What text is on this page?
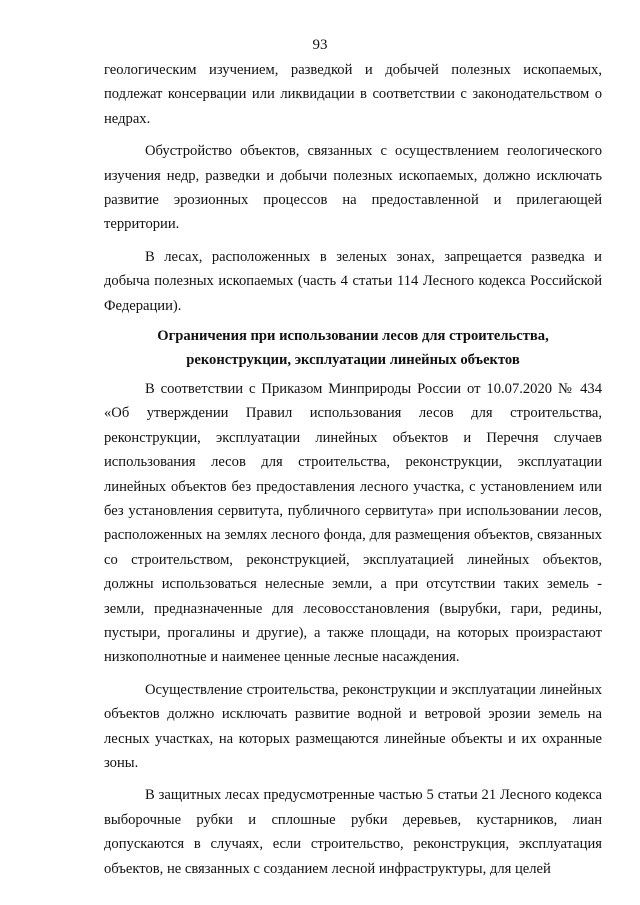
93

геологическим изучением, разведкой и добычей полезных ископаемых, подлежат консервации или ликвидации в соответствии с законодательством о недрах.

Обустройство объектов, связанных с осуществлением геологического изучения недр, разведки и добычи полезных ископаемых, должно исключать развитие эрозионных процессов на предоставленной и прилегающей территории.

В лесах, расположенных в зеленых зонах, запрещается разведка и добыча полезных ископаемых (часть 4 статьи 114 Лесного кодекса Российской Федерации).

Ограничения при использовании лесов для строительства, реконструкции, эксплуатации линейных объектов

В соответствии с Приказом Минприроды России от 10.07.2020 № 434 «Об утверждении Правил использования лесов для строительства, реконструкции, эксплуатации линейных объектов и Перечня случаев использования лесов для строительства, реконструкции, эксплуатации линейных объектов без предоставления лесного участка, с установлением или без установления сервитута, публичного сервитута» при использовании лесов, расположенных на землях лесного фонда, для размещения объектов, связанных со строительством, реконструкцией, эксплуатацией линейных объектов, должны использоваться нелесные земли, а при отсутствии таких земель - земли, предназначенные для лесовосстановления (вырубки, гари, редины, пустыри, прогалины и другие), а также площади, на которых произрастают низкополнотные и наименее ценные лесные насаждения.

Осуществление строительства, реконструкции и эксплуатации линейных объектов должно исключать развитие водной и ветровой эрозии земель на лесных участках, на которых размещаются линейные объекты и их охранные зоны.

В защитных лесах предусмотренные частью 5 статьи 21 Лесного кодекса выборочные рубки и сплошные рубки деревьев, кустарников, лиан допускаются в случаях, если строительство, реконструкция, эксплуатация объектов, не связанных с созданием лесной инфраструктуры, для целей
